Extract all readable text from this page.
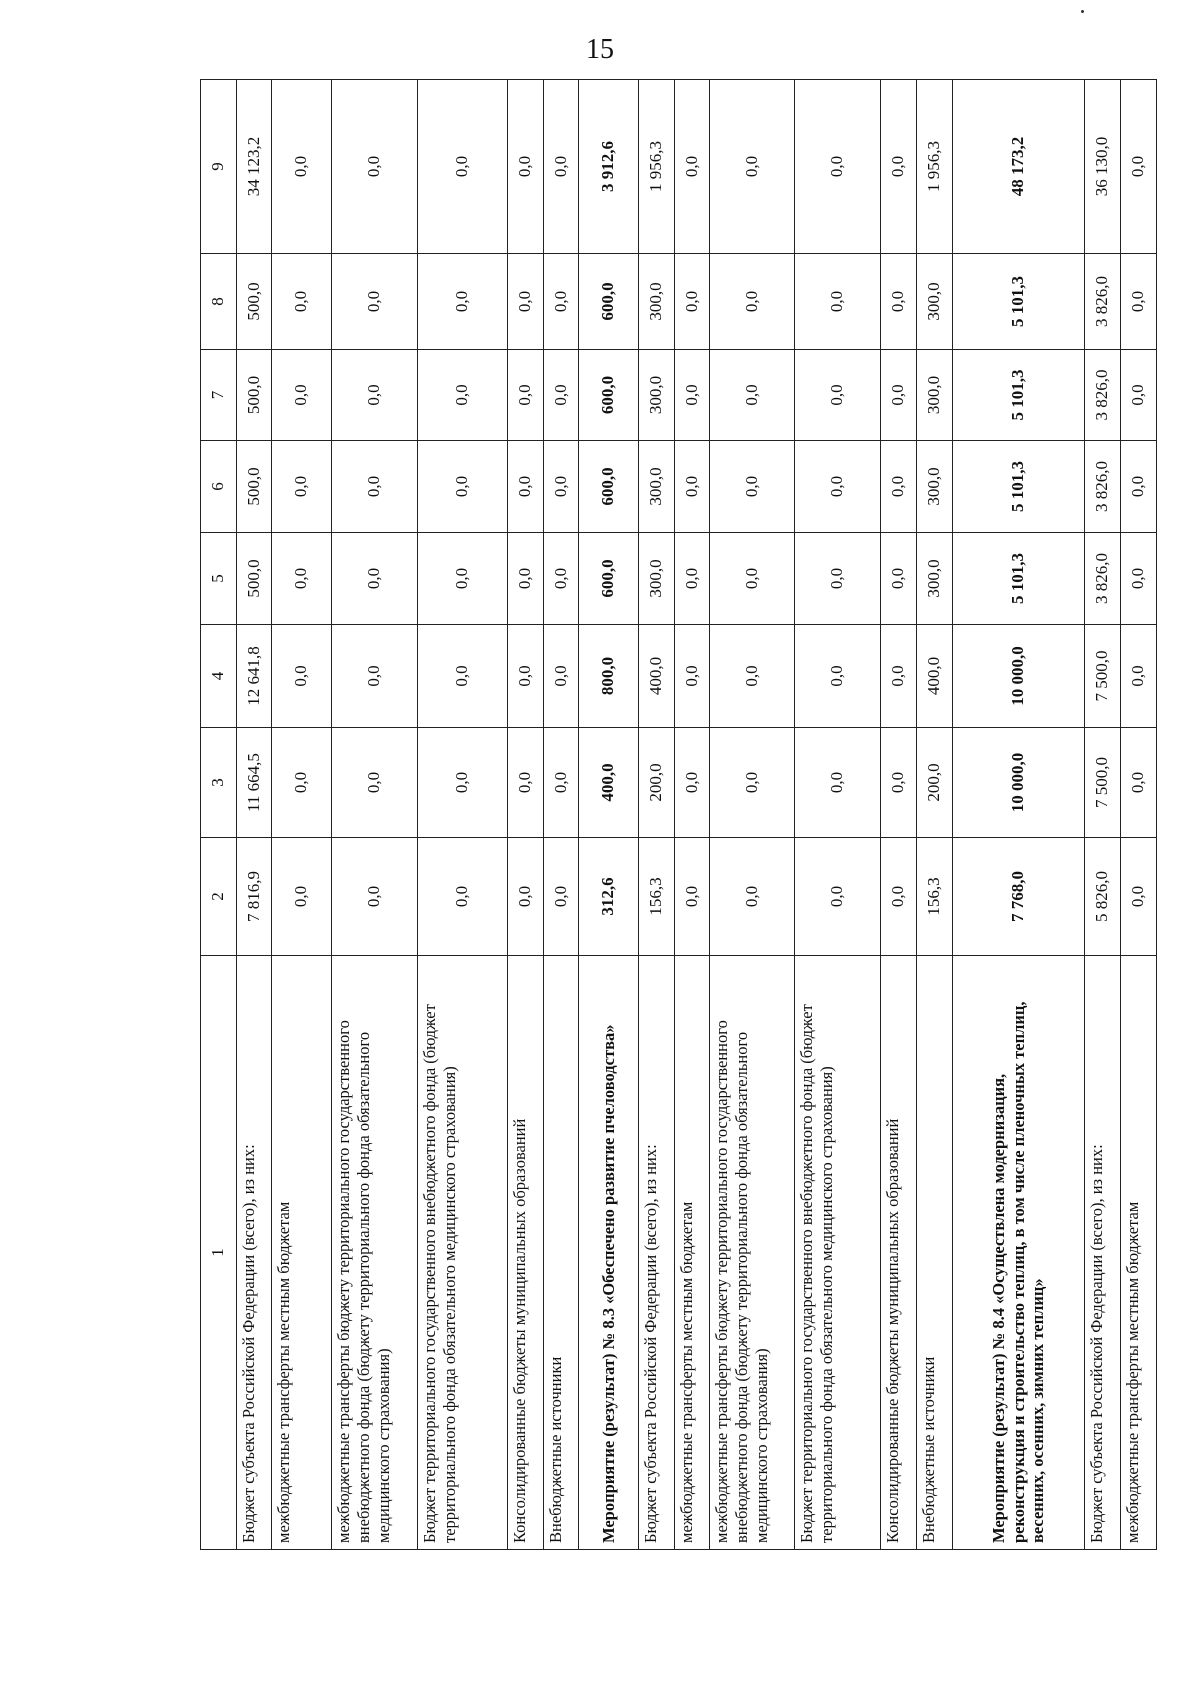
15
1	2	3	4	5	6	7	8	9
Бюджет субъекта Российской Федерации (всего), из них:	7 816,9	11 664,5	12 641,8	500,0	500,0	500,0	500,0	34 123,2
межбюджетные трансферты местным бюджетам	0,0	0,0	0,0	0,0	0,0	0,0	0,0	0,0
межбюджетные трансферты бюджету территориального государственного внебюджетного фонда (бюджету территориального фонда обязательного медицинского страхования)	0,0	0,0	0,0	0,0	0,0	0,0	0,0	0,0
Бюджет территориального государственного внебюджетного фонда (бюджет территориального фонда обязательного медицинского страхования)	0,0	0,0	0,0	0,0	0,0	0,0	0,0	0,0
Консолидированные бюджеты муниципальных образований	0,0	0,0	0,0	0,0	0,0	0,0	0,0	0,0
Внебюджетные источники	0,0	0,0	0,0	0,0	0,0	0,0	0,0	0,0
Мероприятие (результат) № 8.3 «Обеспечено развитие пчеловодства»	312,6	400,0	800,0	600,0	600,0	600,0	600,0	3 912,6
Бюджет субъекта Российской Федерации (всего), из них:	156,3	200,0	400,0	300,0	300,0	300,0	300,0	1 956,3
межбюджетные трансферты местным бюджетам	0,0	0,0	0,0	0,0	0,0	0,0	0,0	0,0
межбюджетные трансферты бюджету территориального государственного внебюджетного фонда (бюджету территориального фонда обязательного медицинского страхования)	0,0	0,0	0,0	0,0	0,0	0,0	0,0	0,0
Бюджет территориального государственного внебюджетного фонда (бюджет территориального фонда обязательного медицинского страхования)	0,0	0,0	0,0	0,0	0,0	0,0	0,0	0,0
Консолидированные бюджеты муниципальных образований	0,0	0,0	0,0	0,0	0,0	0,0	0,0	0,0
Внебюджетные источники	156,3	200,0	400,0	300,0	300,0	300,0	300,0	1 956,3
Мероприятие (результат) № 8.4 «Осуществлена модернизация, реконструкция и строительство теплиц, в том числе пленочных теплиц, весенних, осенних, зимних теплиц»	7 768,0	10 000,0	10 000,0	5 101,3	5 101,3	5 101,3	5 101,3	48 173,2
Бюджет субъекта Российской Федерации (всего), из них:	5 826,0	7 500,0	7 500,0	3 826,0	3 826,0	3 826,0	3 826,0	36 130,0
межбюджетные трансферты местным бюджетам	0,0	0,0	0,0	0,0	0,0	0,0	0,0	0,0
